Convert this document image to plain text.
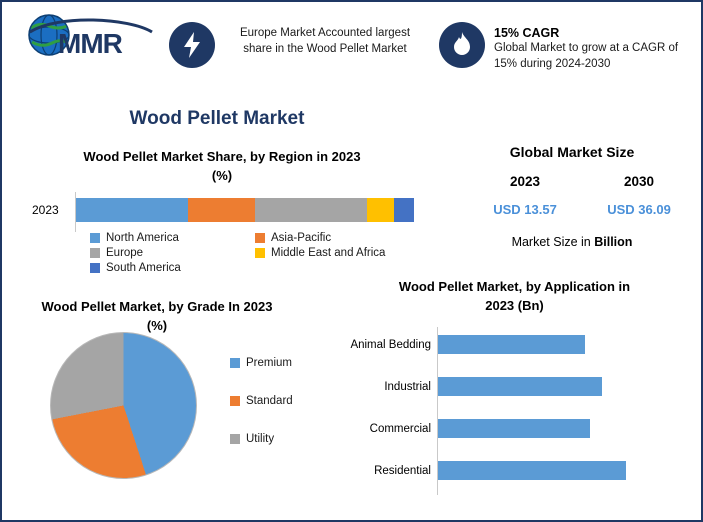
MMR	Europe Market Accounted largest share in the Wood Pellet Market
15% CAGR
Global Market to grow at a CAGR of 15% during 2024-2030
Wood Pellet Market
Wood Pellet Market Share, by Region in 2023
(%)
2023
North America	Asia-Pacific
Europe	Middle East and Africa
South America
Global Market Size
2023	2030
USD 13.57	USD 36.09
Market Size in Billion
Wood Pellet Market, by Grade In 2023
(%)
Premium
Standard
Utility
Wood Pellet Market, by Application in
2023 (Bn)
Animal Bedding
Industrial
Commercial
Residential
